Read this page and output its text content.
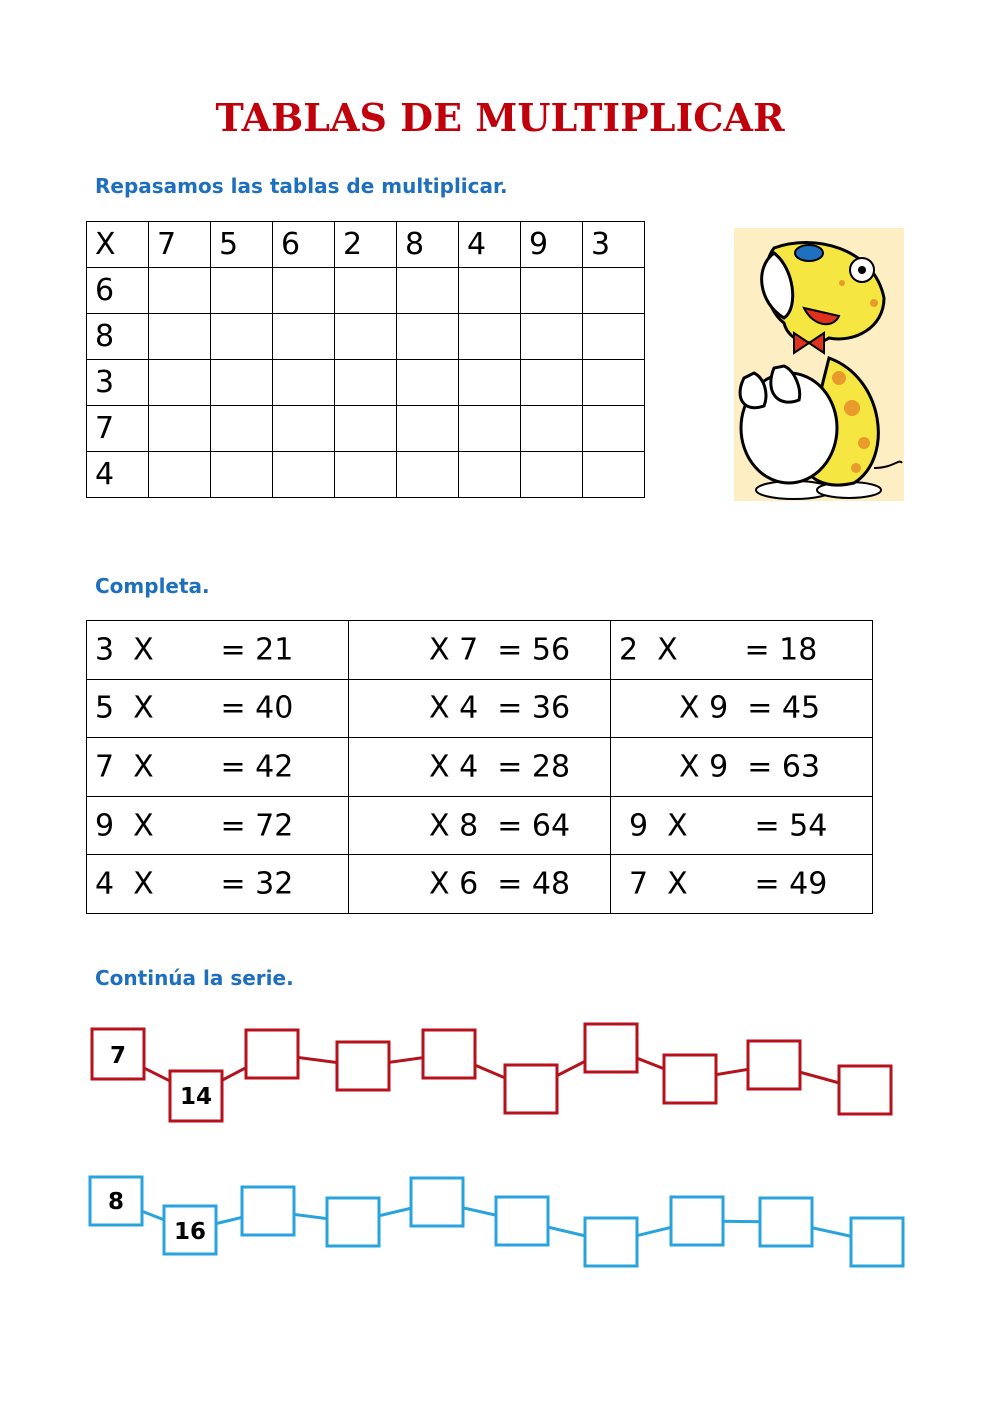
TABLAS DE MULTIPLICAR
Repasamos las tablas de multiplicar.
X	7	5	6	2	8	4	9	3
6								
8								
3								
7								
4								
Completa.
3  X       = 21	X 7  = 56	2  X       = 18

5  X       = 40	X 4  = 36	X 9  = 45

7  X       = 42	X 4  = 28	X 9  = 63

9  X       = 72	X 8  = 64	9  X       = 54

4  X       = 32	X 6  = 48	7  X       = 49
Continúa la serie.
7
14
8
16
